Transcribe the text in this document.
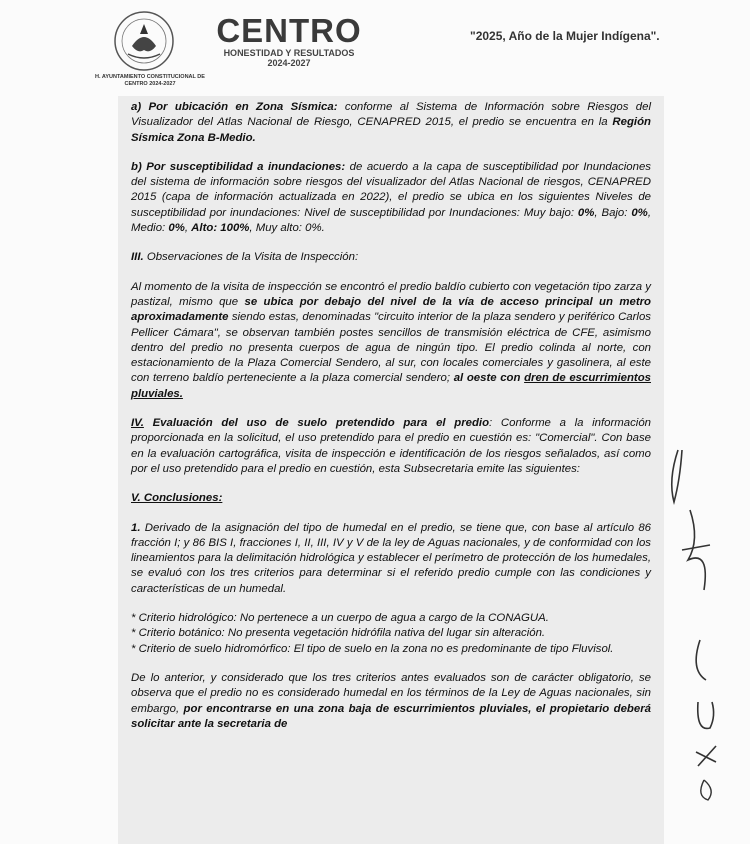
H. AYUNTAMIENTO CONSTITUCIONAL DE CENTRO 2024-2027
CENTRO
HONESTIDAD Y RESULTADOS
2024-2027
"2025, Año de la Mujer Indígena".

a) Por ubicación en Zona Sísmica: conforme al Sistema de Información sobre Riesgos del Visualizador del Atlas Nacional de Riesgo, CENAPRED 2015, el predio se encuentra en la Región Sísmica Zona B-Medio.

b) Por susceptibilidad a inundaciones: de acuerdo a la capa de susceptibilidad por Inundaciones del sistema de información sobre riesgos del visualizador del Atlas Nacional de riesgos, CENAPRED 2015 (capa de información actualizada en 2022), el predio se ubica en los siguientes Niveles de susceptibilidad por inundaciones: Nivel de susceptibilidad por Inundaciones: Muy bajo: 0%, Bajo: 0%, Medio: 0%, Alto: 100%, Muy alto: 0%.

III. Observaciones de la Visita de Inspección:

Al momento de la visita de inspección se encontró el predio baldío cubierto con vegetación tipo zarza y pastizal, mismo que se ubica por debajo del nivel de la vía de acceso principal un metro aproximadamente siendo estas, denominadas "circuito interior de la plaza sendero y periférico Carlos Pellicer Cámara", se observan también postes sencillos de transmisión eléctrica de CFE, asimismo dentro del predio no presenta cuerpos de agua de ningún tipo. El predio colinda al norte, con estacionamiento de la Plaza Comercial Sendero, al sur, con locales comerciales y gasolinera, al este con terreno baldío perteneciente a la plaza comercial sendero; al oeste con dren de escurrimientos pluviales.

IV. Evaluación del uso de suelo pretendido para el predio: Conforme a la información proporcionada en la solicitud, el uso pretendido para el predio en cuestión es: "Comercial". Con base en la evaluación cartográfica, visita de inspección e identificación de los riesgos señalados, así como por el uso pretendido para el predio en cuestión, esta Subsecretaria emite las siguientes:

V. Conclusiones:

1. Derivado de la asignación del tipo de humedal en el predio, se tiene que, con base al artículo 86 fracción I; y 86 BIS I, fracciones I, II, III, IV y V de la ley de Aguas nacionales, y de conformidad con los lineamientos para la delimitación hidrológica y establecer el perímetro de protección de los humedales, se evaluó con los tres criterios para determinar si el referido predio cumple con las condiciones y características de un humedal.

* Criterio hidrológico: No pertenece a un cuerpo de agua a cargo de la CONAGUA.
* Criterio botánico: No presenta vegetación hidrófila nativa del lugar sin alteración.
* Criterio de suelo hidromórfico: El tipo de suelo en la zona no es predominante de tipo Fluvisol.

De lo anterior, y considerado que los tres criterios antes evaluados son de carácter obligatorio, se observa que el predio no es considerado humedal en los términos de la Ley de Aguas nacionales, sin embargo, por encontrarse en una zona baja de escurrimientos pluviales, el propietario deberá solicitar ante la secretaria de
